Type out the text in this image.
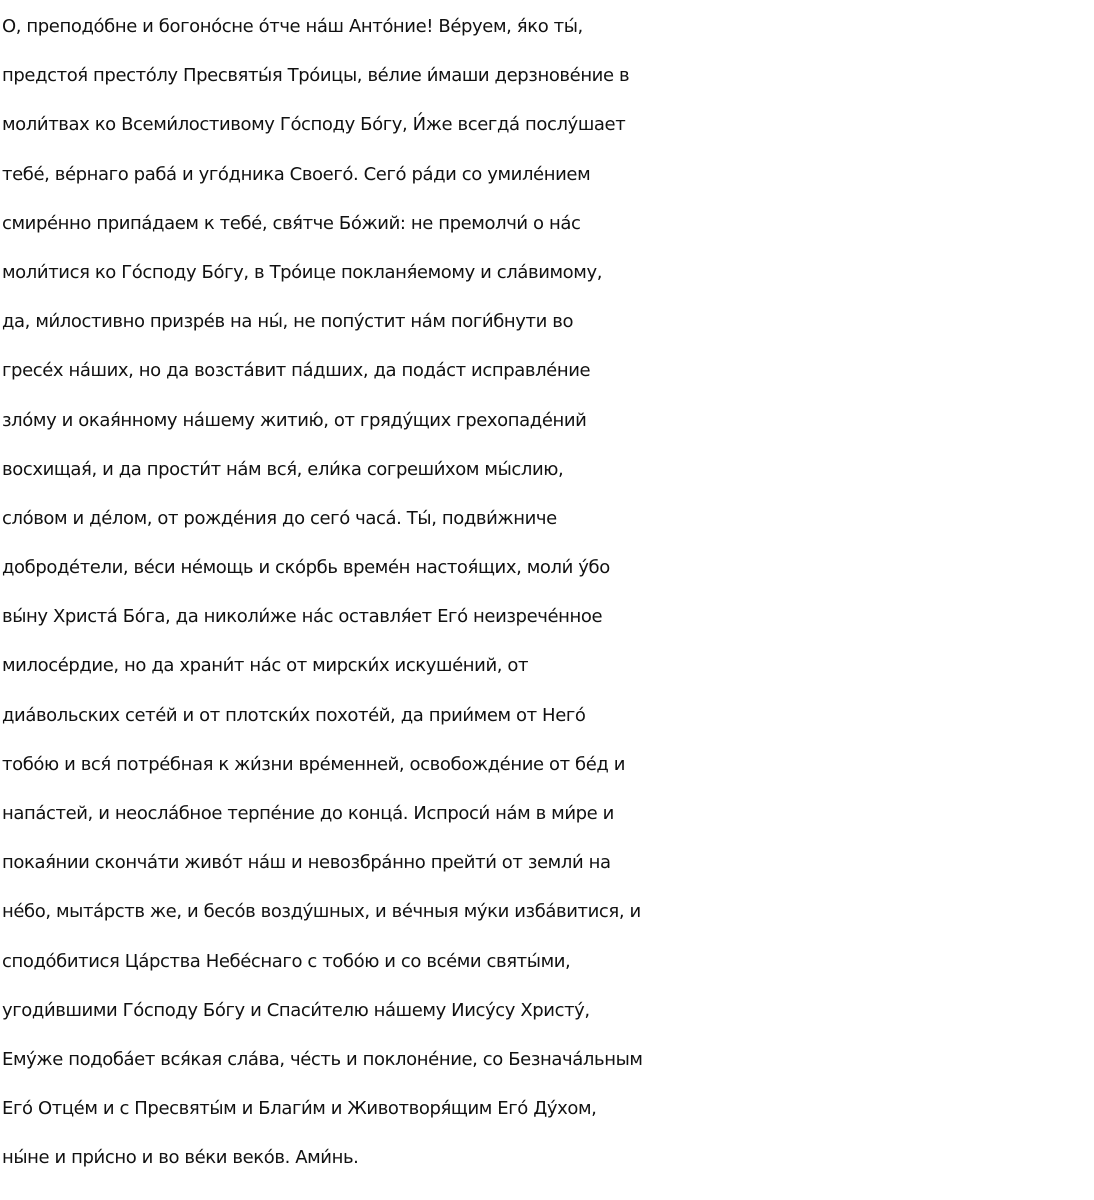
О, преподо́бне и богоно́сне о́тче на́ш Анто́ние! Ве́руем, я́ко ты́,
предстоя́ престо́лу Пресвяты́я Тро́ицы, ве́лие и́маши дерзнове́ние в
моли́твах ко Всеми́лостивому Го́споду Бо́гу, И́же всегда́ послу́шает
тебе́, ве́рнаго раба́ и уго́дника Своего́. Сего́ ра́ди со умиле́нием
смире́нно припа́даем к тебе́, свя́тче Бо́жий: не премолчи́ о на́с
моли́тися ко Го́споду Бо́гу, в Тро́ице покланя́емому и сла́вимому,
да, ми́лостивно призре́в на ны́, не попу́стит на́м поги́бнути во
гресе́х на́ших, но да возста́вит па́дших, да пода́ст исправле́ние
зло́му и окая́нному на́шему житию́, от гряду́щих грехопаде́ний
восхищая́, и да прости́т на́м вся́, ели́ка согреши́хом мы́слию,
сло́вом и де́лом, от рожде́ния до сего́ часа́. Ты́, подви́жниче
доброде́тели, ве́си не́мощь и ско́рбь време́н настоя́щих, моли́ у́бо
вы́ну Христа́ Бо́га, да николи́же на́с оставля́ет Его́ неизрече́нное
милосе́рдие, но да храни́т на́с от мирски́х искуше́ний, от
диа́вольских сете́й и от плотски́х похоте́й, да прии́мем от Него́
тобо́ю и вся́ потре́бная к жи́зни вре́менней, освобожде́ние от бе́д и
напа́стей, и неосла́бное терпе́ние до конца́. Испроси́ на́м в ми́ре и
покая́нии сконча́ти живо́т на́ш и невозбра́нно прейти́ от земли́ на
не́бо, мыта́рств же, и бесо́в возду́шных, и ве́чныя му́ки изба́витися, и
сподо́битися Ца́рства Небе́снаго с тобо́ю и со все́ми святы́ми,
угоди́вшими Го́споду Бо́гу и Спаси́телю на́шему Иису́су Христу́,
Ему́же подоба́ет вся́кая сла́ва, че́сть и поклоне́ние, со Безнача́льным
Его́ Отце́м и с Пресвяты́м и Благи́м и Животворя́щим Его́ Ду́хом,
ны́не и при́сно и во ве́ки веко́в. Ами́нь.
